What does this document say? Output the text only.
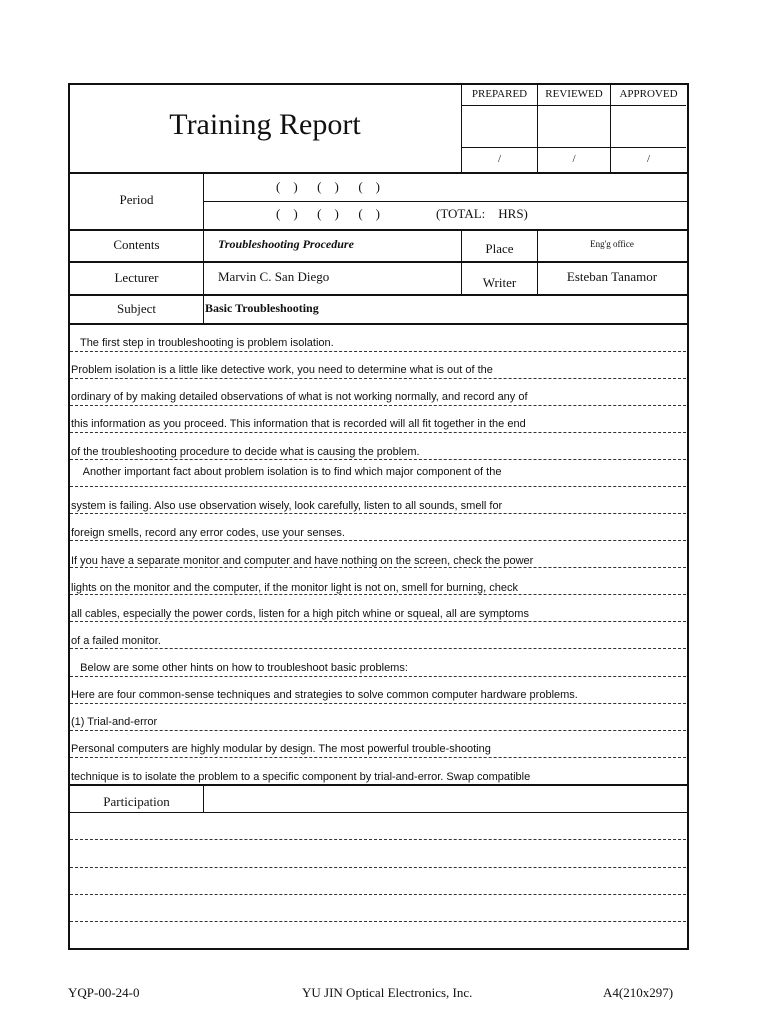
Training Report
PREPARED	REVIEWED	APPROVED
/	/	/
Period
(    )      (    )      (    )
(    )      (    )      (    )	(TOTAL:    HRS)
Contents	Troubleshooting Procedure	Place	Eng'g office
Lecturer	Marvin C. San Diego	Writer	Esteban Tanamor
Subject	Basic Troubleshooting
The first step in troubleshooting is problem isolation.
Problem isolation is a little like detective work, you need to determine what is out of the
ordinary of by making detailed observations of what is not working normally, and record any of
this information as you proceed. This information that is recorded will all fit together in the end
of the troubleshooting procedure to decide what is causing the problem.
Another important fact about problem isolation is to find which major component of the
system is failing. Also use observation wisely, look carefully, listen to all sounds, smell for
foreign smells, record any error codes, use your senses.
If you have a separate monitor and computer and have nothing on the screen, check the power
lights on the monitor and the computer, if the monitor light is not on, smell for burning, check
all cables, especially the power cords, listen for a high pitch whine or squeal, all are symptoms
of a failed monitor.
Below are some other hints on how to troubleshoot basic problems:
Here are four common-sense techniques and strategies to solve common computer hardware problems.
(1) Trial-and-error
Personal computers are highly modular by design. The most powerful trouble-shooting
technique is to isolate the problem to a specific component by trial-and-error. Swap compatible
Participation
YQP-00-24-0	YU JIN Optical Electronics, Inc.	A4(210x297)
